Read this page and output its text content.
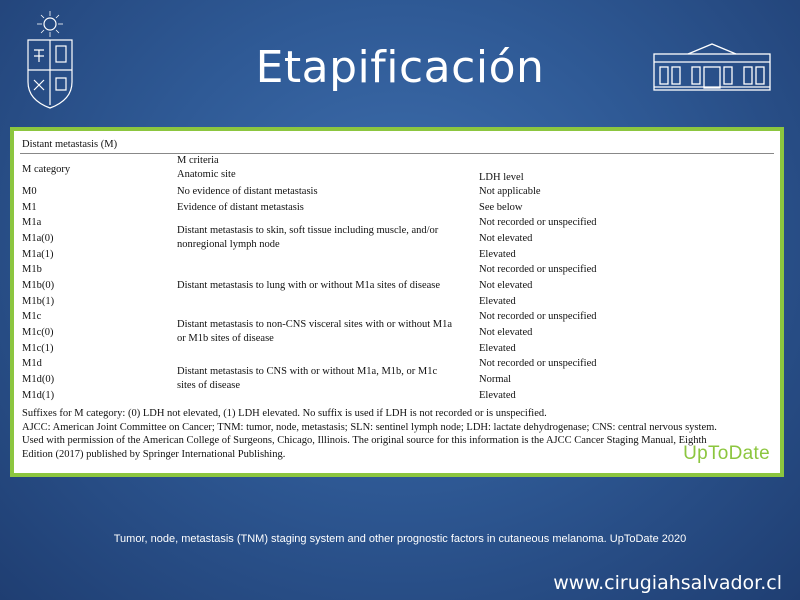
Etapificación
Distant metastasis (M)
M category
M criteria
Anatomic site	LDH level
M0
M1
M1a
M1a(0)
M1a(1)
M1b
M1b(0)
M1b(1)
M1c
M1c(0)
M1c(1)
M1d
M1d(0)
M1d(1)
No evidence of distant metastasis
Evidence of distant metastasis
Distant metastasis to skin, soft tissue including muscle, and/or
nonregional lymph node
Distant metastasis to lung with or without M1a sites of disease
Distant metastasis to non-CNS visceral sites with or without M1a
or M1b sites of disease
Distant metastasis to CNS with or without M1a, M1b, or M1c
sites of disease
Not applicable
See below
Not recorded or unspecified
Not elevated
Elevated
Not recorded or unspecified
Not elevated
Elevated
Not recorded or unspecified
Not elevated
Elevated
Not recorded or unspecified
Normal
Elevated
Suffixes for M category: (0) LDH not elevated, (1) LDH elevated. No suffix is used if LDH is not recorded or is unspecified.
AJCC: American Joint Committee on Cancer; TNM: tumor, node, metastasis; SLN: sentinel lymph node; LDH: lactate dehydrogenase; CNS: central nervous system.
Used with permission of the American College of Surgeons, Chicago, Illinois. The original source for this information is the AJCC Cancer Staging Manual, Eighth
Edition (2017) published by Springer International Publishing.	UpToDate
Tumor, node, metastasis (TNM) staging system and other prognostic factors in cutaneous melanoma. UpToDate 2020
www.cirugiahsalvador.cl
